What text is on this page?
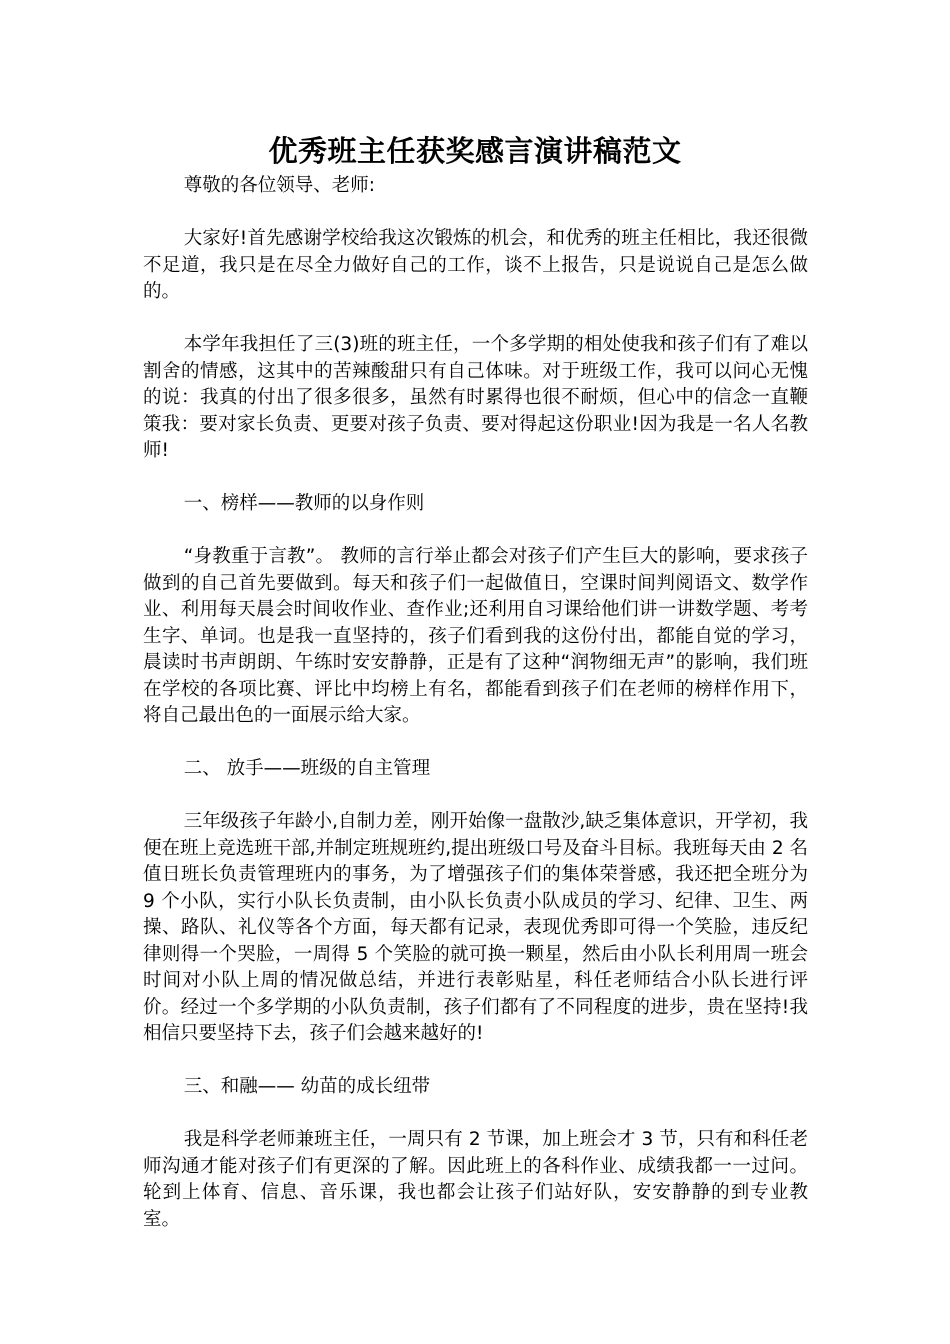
优秀班主任获奖感言演讲稿范文

尊敬的各位领导、老师:

大家好!首先感谢学校给我这次锻炼的机会，和优秀的班主任相比，我还很微不足道，我只是在尽全力做好自己的工作，谈不上报告，只是说说自己是怎么做的。

本学年我担任了三(3)班的班主任，一个多学期的相处使我和孩子们有了难以割舍的情感，这其中的苦辣酸甜只有自己体味。对于班级工作，我可以问心无愧的说：我真的付出了很多很多，虽然有时累得也很不耐烦，但心中的信念一直鞭策我：要对家长负责、更要对孩子负责、要对得起这份职业!因为我是一名人名教师!

一、榜样——教师的以身作则

“身教重于言教”。 教师的言行举止都会对孩子们产生巨大的影响，要求孩子做到的自己首先要做到。每天和孩子们一起做值日，空课时间判阅语文、数学作业、利用每天晨会时间收作业、查作业;还利用自习课给他们讲一讲数学题、考考生字、单词。也是我一直坚持的，孩子们看到我的这份付出，都能自觉的学习，晨读时书声朗朗、午练时安安静静，正是有了这种“润物细无声”的影响，我们班在学校的各项比赛、评比中均榜上有名，都能看到孩子们在老师的榜样作用下，将自己最出色的一面展示给大家。

二、 放手——班级的自主管理

三年级孩子年龄小,自制力差，刚开始像一盘散沙,缺乏集体意识，开学初，我便在班上竞选班干部,并制定班规班约,提出班级口号及奋斗目标。我班每天由 2 名值日班长负责管理班内的事务，为了增强孩子们的集体荣誉感，我还把全班分为 9 个小队，实行小队长负责制，由小队长负责小队成员的学习、纪律、卫生、两操、路队、礼仪等各个方面，每天都有记录，表现优秀即可得一个笑脸，违反纪律则得一个哭脸，一周得 5 个笑脸的就可换一颗星，然后由小队长利用周一班会时间对小队上周的情况做总结，并进行表彰贴星，科任老师结合小队长进行评价。经过一个多学期的小队负责制，孩子们都有了不同程度的进步，贵在坚持!我相信只要坚持下去，孩子们会越来越好的!

三、和融—— 幼苗的成长纽带

我是科学老师兼班主任，一周只有 2 节课，加上班会才 3 节，只有和科任老师沟通才能对孩子们有更深的了解。因此班上的各科作业、成绩我都一一过问。轮到上体育、信息、音乐课，我也都会让孩子们站好队，安安静静的到专业教室。
